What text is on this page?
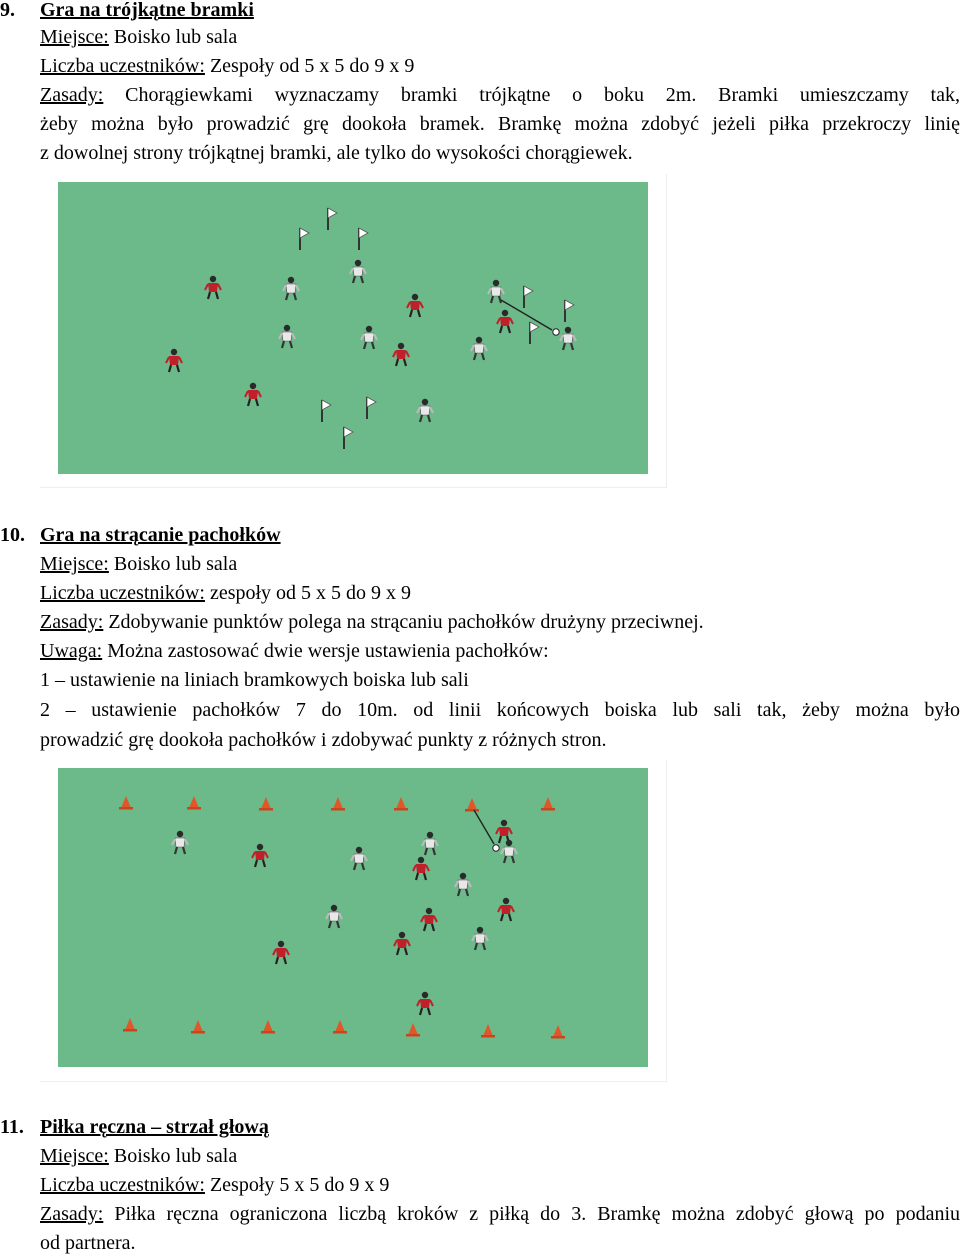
9. Gra na trójkątne bramki
Miejsce: Boisko lub sala
Liczba uczestników: Zespoły od 5 x 5 do 9 x 9
Zasady: Chorągiewkami wyznaczamy bramki trójkątne o boku 2m. Bramki umieszczamy tak,
żeby można było prowadzić grę dookoła bramek. Bramkę można zdobyć jeżeli piłka przekroczy linię
z dowolnej strony trójkątnej bramki, ale tylko do wysokości chorągiewek.
10. Gra na strącanie pachołków
Miejsce: Boisko lub sala
Liczba uczestników: zespoły od 5 x 5 do 9 x 9
Zasady: Zdobywanie punktów polega na strącaniu pachołków drużyny przeciwnej.
Uwaga: Można zastosować dwie wersje ustawienia pachołków:
1 – ustawienie na liniach bramkowych boiska lub sali
2 – ustawienie pachołków 7 do 10m. od linii końcowych boiska lub sali tak, żeby można było
prowadzić grę dookoła pachołków i zdobywać punkty z różnych stron.
11. Piłka ręczna – strzał głową
Miejsce: Boisko lub sala
Liczba uczestników: Zespoły 5 x 5 do 9 x 9
Zasady: Piłka ręczna ograniczona liczbą kroków z piłką do 3. Bramkę można zdobyć głową po podaniu
od partnera.
